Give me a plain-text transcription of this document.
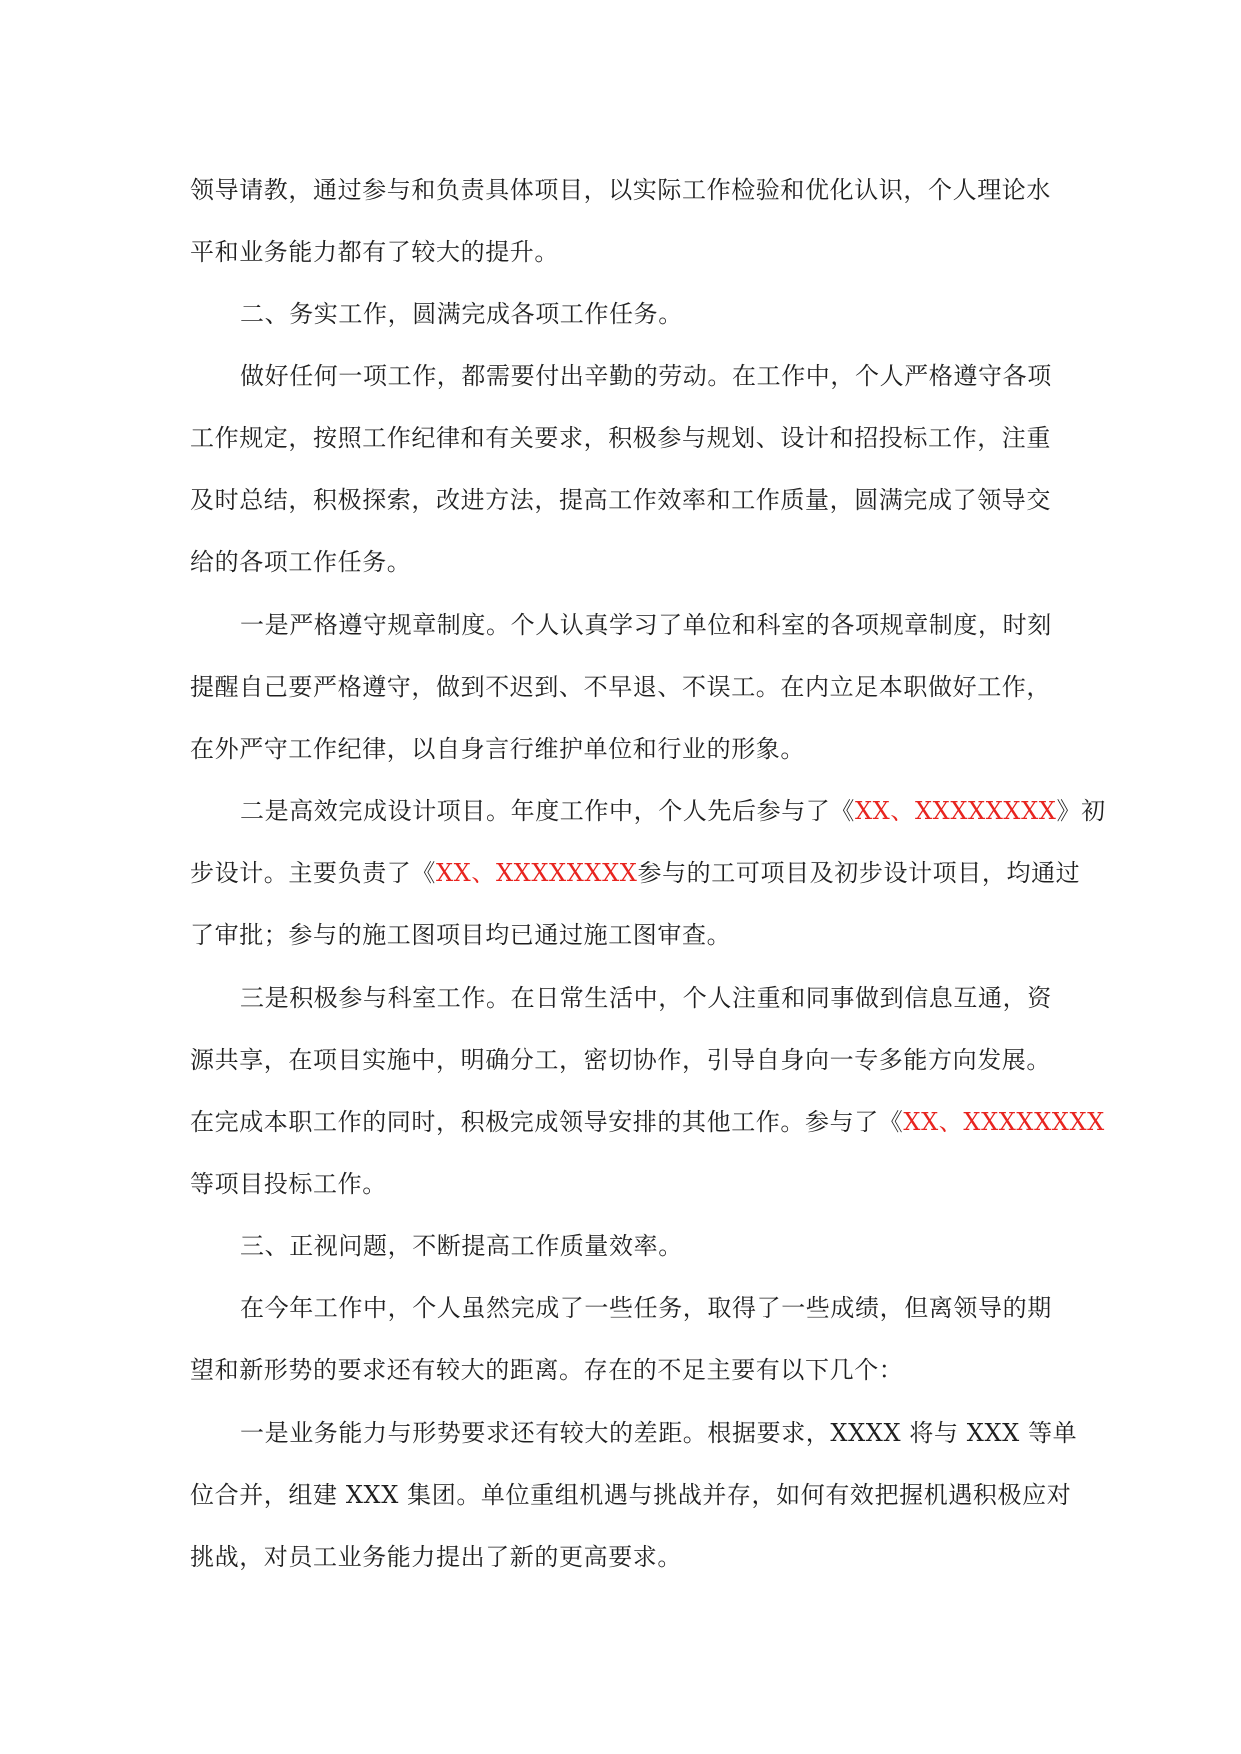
领导请教，通过参与和负责具体项目，以实际工作检验和优化认识，个人理论水
平和业务能力都有了较大的提升。
二、务实工作，圆满完成各项工作任务。
做好任何一项工作，都需要付出辛勤的劳动。在工作中，个人严格遵守各项
工作规定，按照工作纪律和有关要求，积极参与规划、设计和招投标工作，注重
及时总结，积极探索，改进方法，提高工作效率和工作质量，圆满完成了领导交
给的各项工作任务。
一是严格遵守规章制度。个人认真学习了单位和科室的各项规章制度，时刻
提醒自己要严格遵守，做到不迟到、不早退、不误工。在内立足本职做好工作，
在外严守工作纪律，以自身言行维护单位和行业的形象。
二是高效完成设计项目。年度工作中，个人先后参与了《XX、XXXXXXXX》初
步设计。主要负责了《XX、XXXXXXXX参与的工可项目及初步设计项目，均通过
了审批；参与的施工图项目均已通过施工图审查。
三是积极参与科室工作。在日常生活中，个人注重和同事做到信息互通，资
源共享，在项目实施中，明确分工，密切协作，引导自身向一专多能方向发展。
在完成本职工作的同时，积极完成领导安排的其他工作。参与了《XX、XXXXXXXX
等项目投标工作。
三、正视问题，不断提高工作质量效率。
在今年工作中，个人虽然完成了一些任务，取得了一些成绩，但离领导的期
望和新形势的要求还有较大的距离。存在的不足主要有以下几个：
一是业务能力与形势要求还有较大的差距。根据要求，XXXX 将与 XXX 等单
位合并，组建 XXX 集团。单位重组机遇与挑战并存，如何有效把握机遇积极应对
挑战，对员工业务能力提出了新的更高要求。
